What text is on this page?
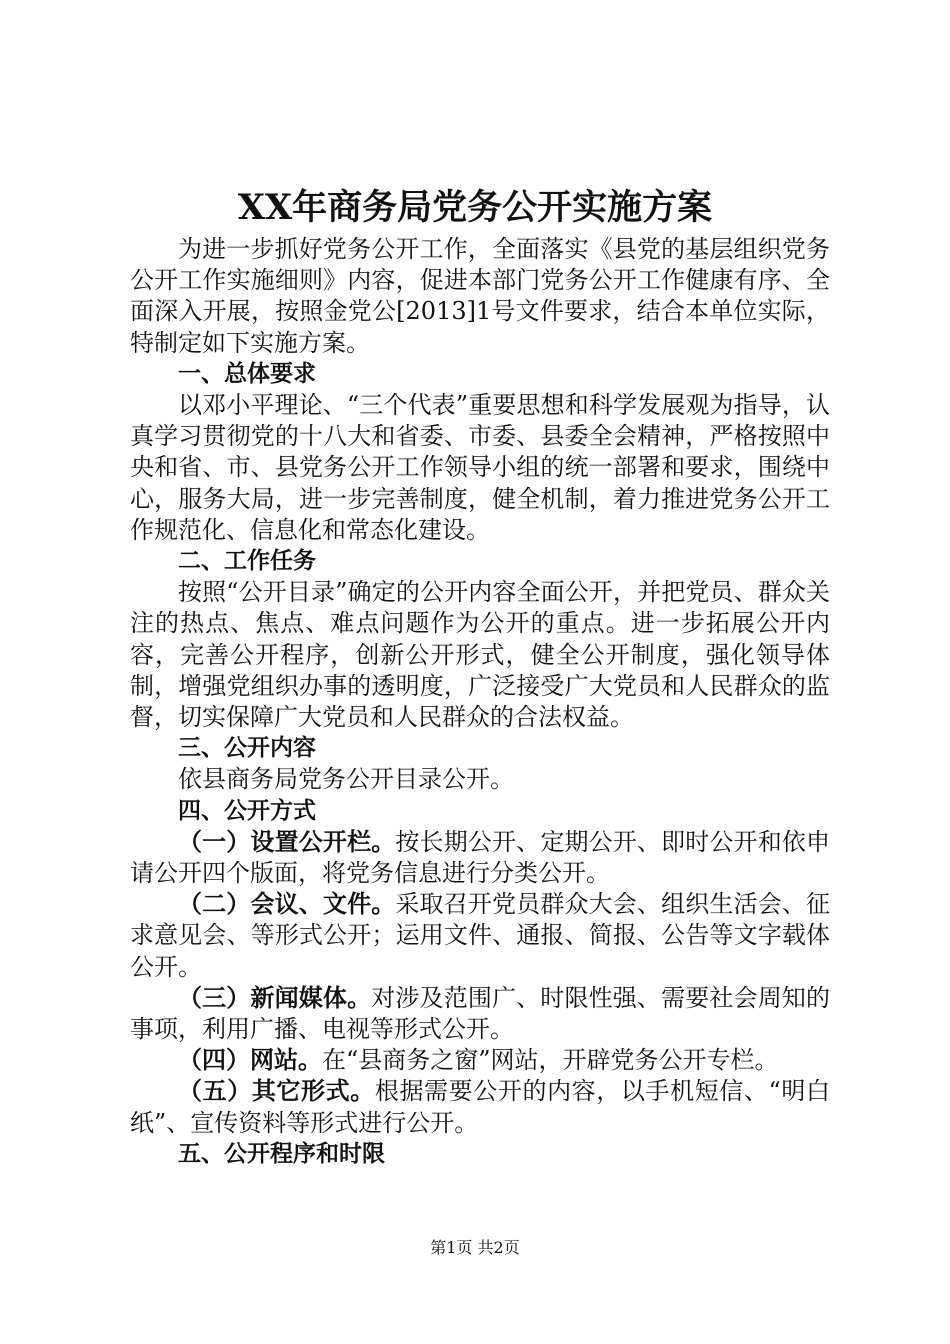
XX年商务局党务公开实施方案

为进一步抓好党务公开工作，全面落实《县党的基层组织党务公开工作实施细则》内容，促进本部门党务公开工作健康有序、全面深入开展，按照金党公[2013]1号文件要求，结合本单位实际，特制定如下实施方案。

一、总体要求

以邓小平理论、“三个代表”重要思想和科学发展观为指导，认真学习贯彻党的十八大和省委、市委、县委全会精神，严格按照中央和省、市、县党务公开工作领导小组的统一部署和要求，围绕中心，服务大局，进一步完善制度，健全机制，着力推进党务公开工作规范化、信息化和常态化建设。

二、工作任务

按照“公开目录”确定的公开内容全面公开，并把党员、群众关注的热点、焦点、难点问题作为公开的重点。进一步拓展公开内容，完善公开程序，创新公开形式，健全公开制度，强化领导体制，增强党组织办事的透明度，广泛接受广大党员和人民群众的监督，切实保障广大党员和人民群众的合法权益。

三、公开内容

依县商务局党务公开目录公开。

四、公开方式

（一）设置公开栏。按长期公开、定期公开、即时公开和依申请公开四个版面，将党务信息进行分类公开。

（二）会议、文件。采取召开党员群众大会、组织生活会、征求意见会、等形式公开；运用文件、通报、简报、公告等文字载体公开。

（三）新闻媒体。对涉及范围广、时限性强、需要社会周知的事项，利用广播、电视等形式公开。

（四）网站。在“县商务之窗”网站，开辟党务公开专栏。

（五）其它形式。根据需要公开的内容，以手机短信、“明白纸”、宣传资料等形式进行公开。

五、公开程序和时限

第1页 共2页
